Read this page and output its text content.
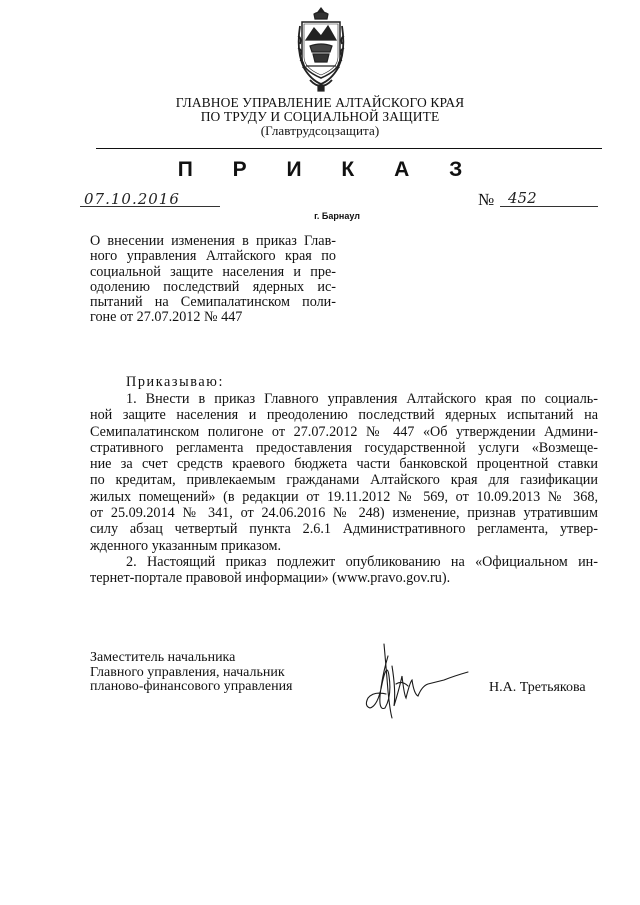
ГЛАВНОЕ УПРАВЛЕНИЕ АЛТАЙСКОГО КРАЯ
ПО ТРУДУ И СОЦИАЛЬНОЙ ЗАЩИТЕ
(Главтрудсоцзащита)
П Р И К А З
07.10.2016	№ 452
г. Барнаул
О внесении изменения в приказ Глав-
ного управления Алтайского края по
социальной защите населения и пре-
одолению последствий ядерных ис-
пытаний на Семипалатинском поли-
гоне от 27.07.2012 № 447
Приказываю:
1. Внести в приказ Главного управления Алтайского края по социаль-
ной защите населения и преодолению последствий ядерных испытаний на
Семипалатинском полигоне от 27.07.2012 № 447 «Об утверждении Админи-
стративного регламента предоставления государственной услуги «Возмеще-
ние за счет средств краевого бюджета части банковской процентной ставки
по кредитам, привлекаемым гражданами Алтайского края для газификации
жилых помещений» (в редакции от 19.11.2012 № 569, от 10.09.2013 № 368,
от 25.09.2014 № 341, от 24.06.2016 № 248) изменение, признав утратившим
силу абзац четвертый пункта 2.6.1 Административного регламента, утвер-
жденного указанным приказом.
2. Настоящий приказ подлежит опубликованию на «Официальном ин-
тернет-портале правовой информации» (www.pravo.gov.ru).
Заместитель начальника
Главного управления, начальник
планово-финансового управления	Н.А. Третьякова
